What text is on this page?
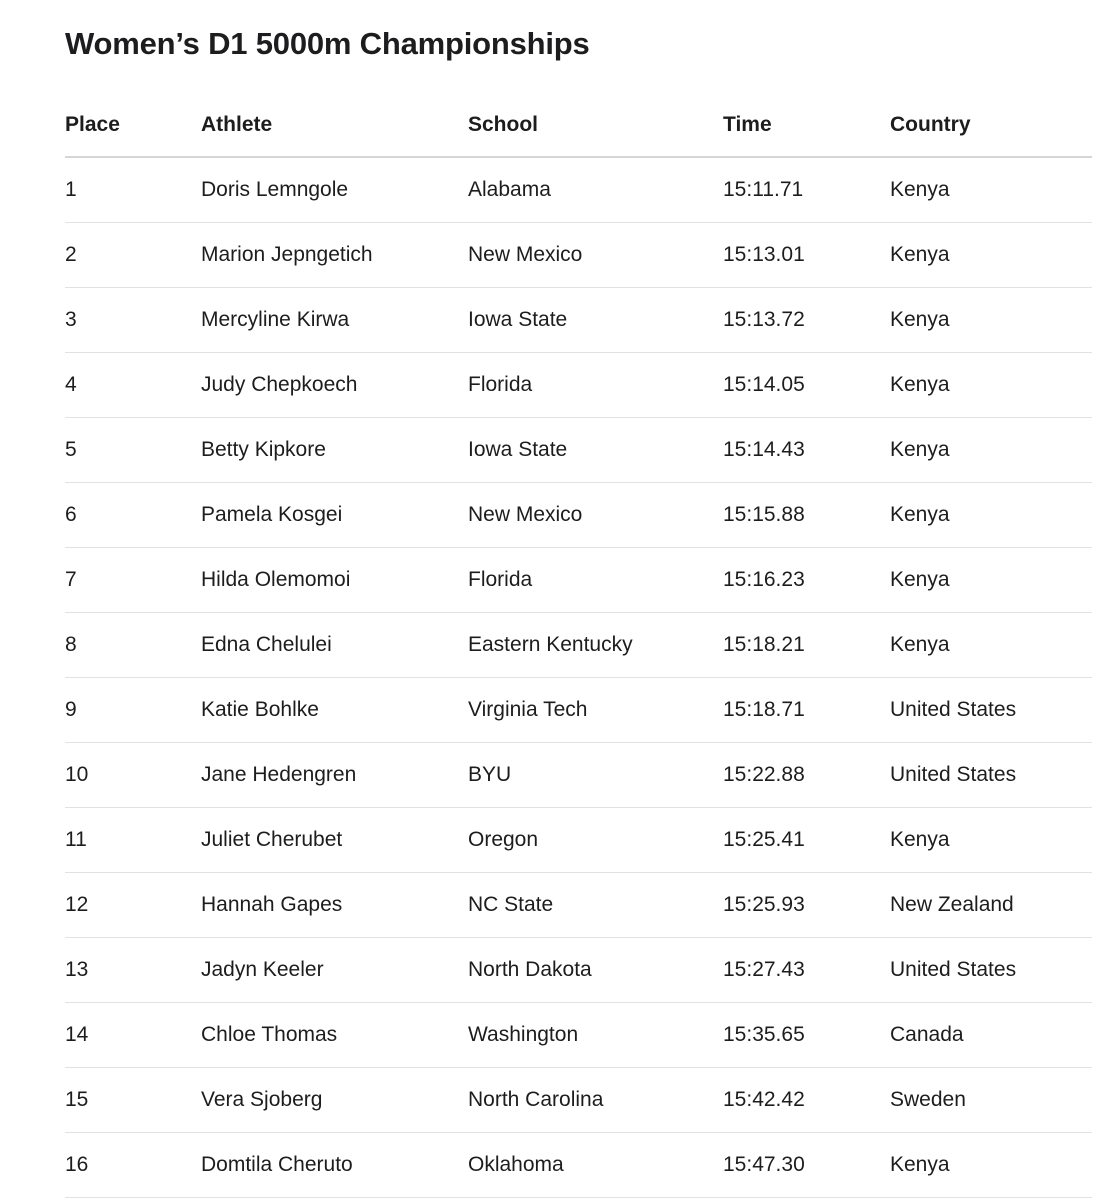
Women’s D1 5000m Championships
Place	Athlete	School	Time	Country
1	Doris Lemngole	Alabama	15:11.71	Kenya
2	Marion Jepngetich	New Mexico	15:13.01	Kenya
3	Mercyline Kirwa	Iowa State	15:13.72	Kenya
4	Judy Chepkoech	Florida	15:14.05	Kenya
5	Betty Kipkore	Iowa State	15:14.43	Kenya
6	Pamela Kosgei	New Mexico	15:15.88	Kenya
7	Hilda Olemomoi	Florida	15:16.23	Kenya
8	Edna Chelulei	Eastern Kentucky	15:18.21	Kenya
9	Katie Bohlke	Virginia Tech	15:18.71	United States
10	Jane Hedengren	BYU	15:22.88	United States
11	Juliet Cherubet	Oregon	15:25.41	Kenya
12	Hannah Gapes	NC State	15:25.93	New Zealand
13	Jadyn Keeler	North Dakota	15:27.43	United States
14	Chloe Thomas	Washington	15:35.65	Canada
15	Vera Sjoberg	North Carolina	15:42.42	Sweden
16	Domtila Cheruto	Oklahoma	15:47.30	Kenya
